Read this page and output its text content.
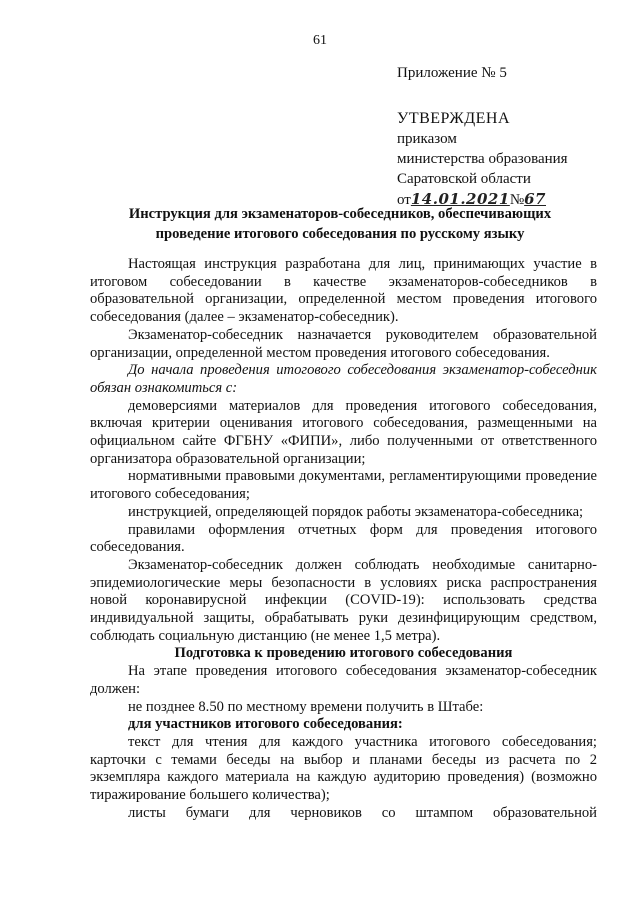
61
Приложение № 5
УТВЕРЖДЕНА
приказом
министерства образования
Саратовской области
от14.01.2021№67
Инструкция для экзаменаторов-собеседников, обеспечивающих
проведение итогового собеседования по русскому языку

Настоящая инструкция разработана для лиц, принимающих участие в итоговом собеседовании в качестве экзаменаторов-собеседников в образовательной организации, определенной местом проведения итогового собеседования (далее – экзаменатор-собеседник).

Экзаменатор-собеседник назначается руководителем образовательной организации, определенной местом проведения итогового собеседования.

До начала проведения итогового собеседования экзаменатор-собеседник обязан ознакомиться с:

демоверсиями материалов для проведения итогового собеседования, включая критерии оценивания итогового собеседования, размещенными на официальном сайте ФГБНУ «ФИПИ», либо полученными от ответственного организатора образовательной организации;

нормативными правовыми документами, регламентирующими проведение итогового собеседования;

инструкцией, определяющей порядок работы экзаменатора-собеседника;

правилами оформления отчетных форм для проведения итогового собеседования.

Экзаменатор-собеседник должен соблюдать необходимые санитарно-эпидемиологические меры безопасности в условиях риска распространения новой коронавирусной инфекции (COVID-19): использовать средства индивидуальной защиты, обрабатывать руки дезинфицирующим средством, соблюдать социальную дистанцию (не менее 1,5 метра).

Подготовка к проведению итогового собеседования

На этапе проведения итогового собеседования экзаменатор-собеседник должен:

не позднее 8.50 по местному времени получить в Штабе:

для участников итогового собеседования:

текст для чтения для каждого участника итогового собеседования; карточки с темами беседы на выбор и планами беседы из расчета по 2 экземпляра каждого материала на каждую аудиторию проведения) (возможно тиражирование большего количества);

листы бумаги для черновиков со штампом образовательной
